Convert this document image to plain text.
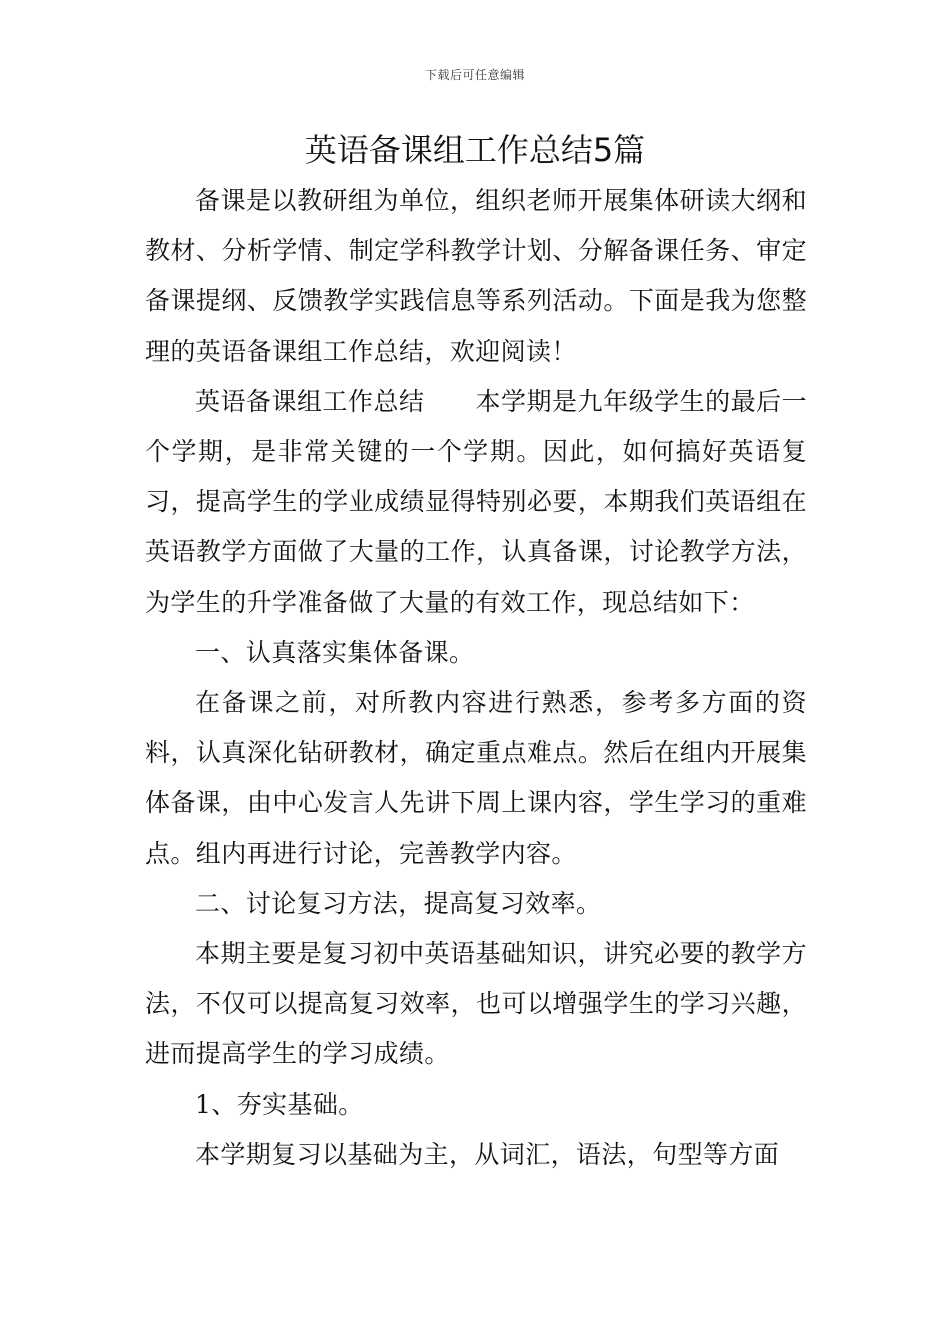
下载后可任意编辑
英语备课组工作总结5篇

备课是以教研组为单位，组织老师开展集体研读大纲和教材、分析学情、制定学科教学计划、分解备课任务、审定备课提纲、反馈教学实践信息等系列活动。下面是我为您整理的英语备课组工作总结，欢迎阅读！

英语备课组工作总结　　本学期是九年级学生的最后一个学期，是非常关键的一个学期。因此，如何搞好英语复习，提高学生的学业成绩显得特别必要，本期我们英语组在英语教学方面做了大量的工作，认真备课，讨论教学方法，为学生的升学准备做了大量的有效工作，现总结如下：

一、认真落实集体备课。

在备课之前，对所教内容进行熟悉，参考多方面的资料，认真深化钻研教材，确定重点难点。然后在组内开展集体备课，由中心发言人先讲下周上课内容，学生学习的重难点。组内再进行讨论，完善教学内容。

二、讨论复习方法，提高复习效率。

本期主要是复习初中英语基础知识，讲究必要的教学方法，不仅可以提高复习效率，也可以增强学生的学习兴趣，进而提高学生的学习成绩。

1、夯实基础。

本学期复习以基础为主，从词汇，语法，句型等方面
